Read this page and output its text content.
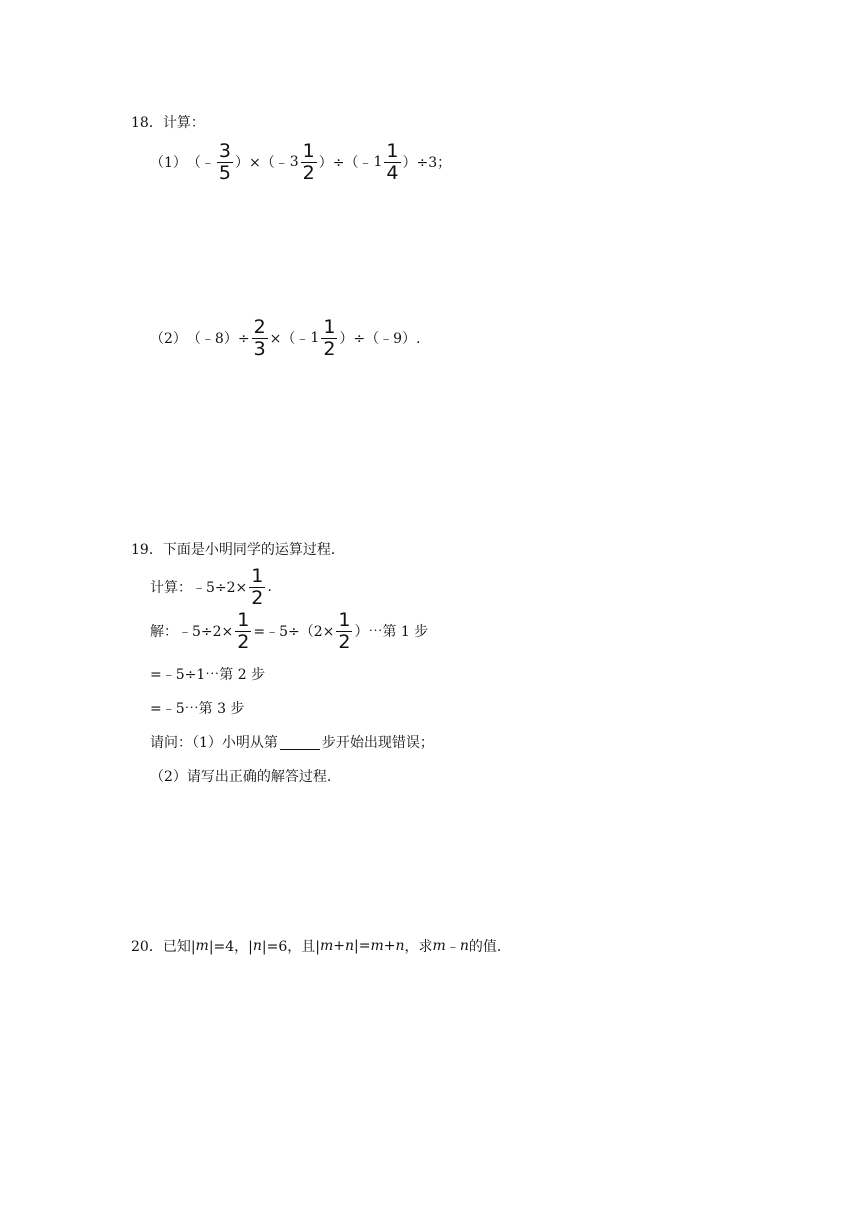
18．计算：
（1） （﹣ $\frac{3}{5}$ ）×（﹣ $3 \frac{1}{2}$ ）÷（﹣ $1 \frac{1}{4} )\div 3$；
（2） （﹣8）÷ $\frac{2}{3}$ ×（﹣ $1 \frac{1}{2}$ ）÷（﹣9）.
19．下面是小明同学的运算过程．
计算：﹣5÷2× $\frac{1}{2}$ .
解：﹣5÷2× $\frac{1}{2}$ =﹣5÷（2× $\frac{1}{2}$ ）⋯第 1 步
=﹣5÷1⋯第 2 步
=﹣5⋯第 3 步
请问：（1）小明从第	步开始出现错误；
（2）请写出正确的解答过程.
20．已知| m |=4，| n |=6，且| m + n |= m + n ，求 m ﹣ n 的值.
